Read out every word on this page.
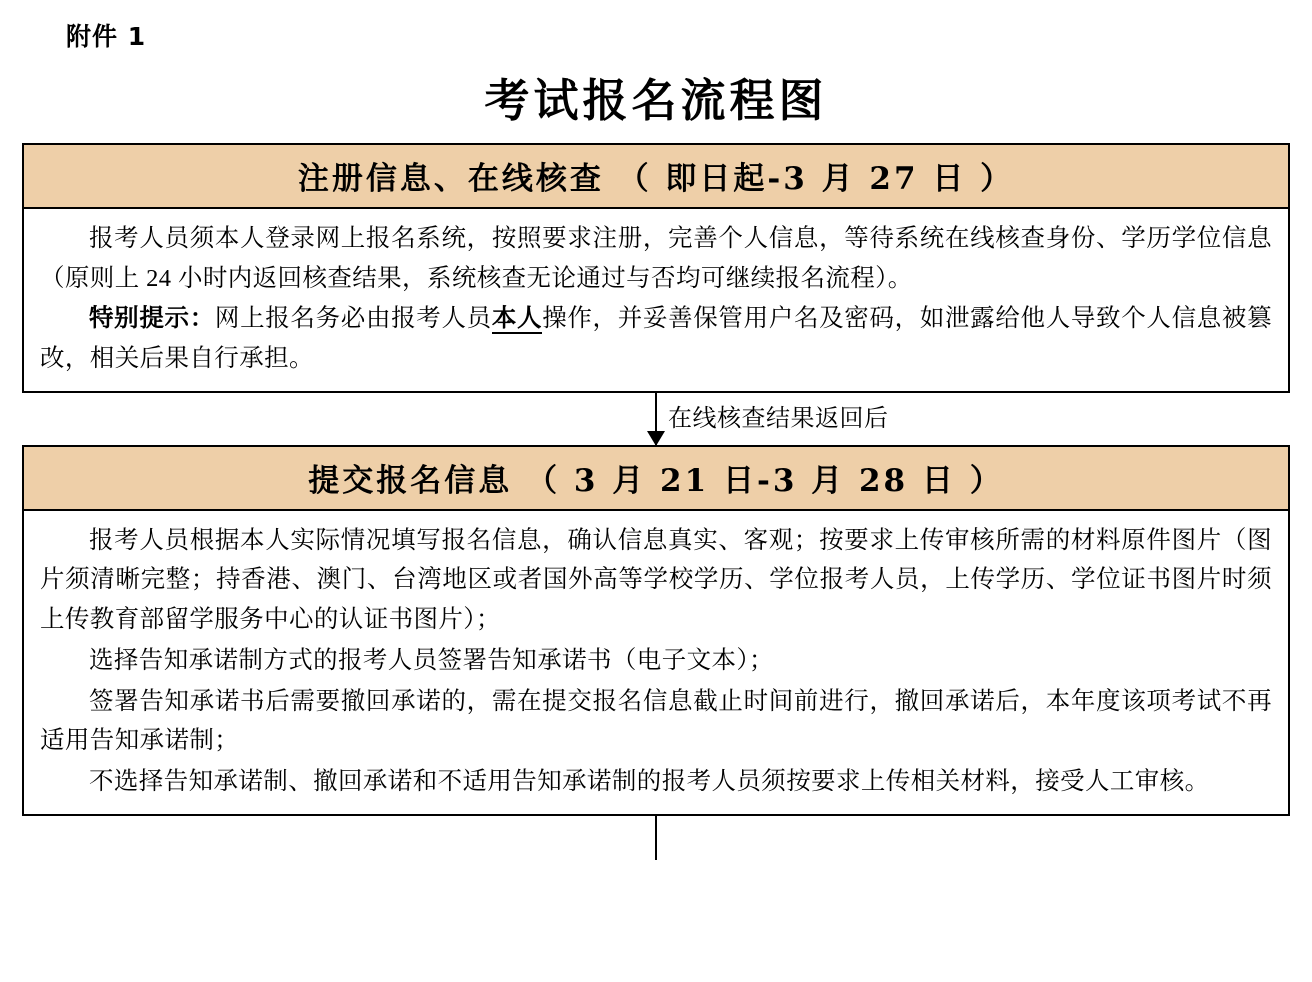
附件 1
考试报名流程图
注册信息、在线核查 （ 即日起-3 月 27 日 ）

报考人员须本人登录网上报名系统，按照要求注册，完善个人信息，等待系统在线核查身份、学历学位信息（原则上 24 小时内返回核查结果，系统核查无论通过与否均可继续报名流程）。

特别提示：网上报名务必由报考人员本人操作，并妥善保管用户名及密码，如泄露给他人导致个人信息被篡改，相关后果自行承担。

在线核查结果返回后
提交报名信息 （ 3 月 21 日-3 月 28 日 ）

报考人员根据本人实际情况填写报名信息，确认信息真实、客观；按要求上传审核所需的材料原件图片（图片须清晰完整；持香港、澳门、台湾地区或者国外高等学校学历、学位报考人员，上传学历、学位证书图片时须上传教育部留学服务中心的认证书图片）；

选择告知承诺制方式的报考人员签署告知承诺书（电子文本）；

签署告知承诺书后需要撤回承诺的，需在提交报名信息截止时间前进行，撤回承诺后，本年度该项考试不再适用告知承诺制；

不选择告知承诺制、撤回承诺和不适用告知承诺制的报考人员须按要求上传相关材料，接受人工审核。
